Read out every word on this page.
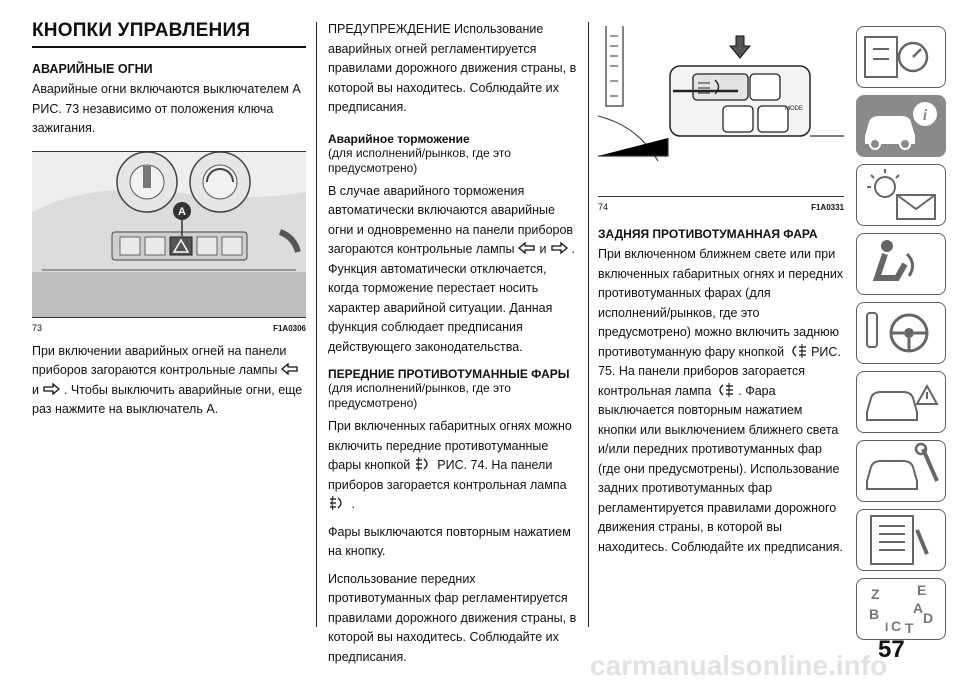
КНОПКИ УПРАВЛЕНИЯ
АВАРИЙНЫЕ ОГНИ

Аварийные огни включаются выключателем А РИС. 73 независимо от положения ключа зажигания.

A
73	F1A0306

При включении аварийных огней на панели приборов загораются контрольные лампы  и . Чтобы выключить аварийные огни, еще раз нажмите на выключатель А.

ПРЕДУПРЕЖДЕНИЕ Использование аварийных огней регламентируется правилами дорожного движения страны, в которой вы находитесь. Соблюдайте их предписания.

Аварийное торможение
(для исполнений/рынков, где это предусмотрено)

В случае аварийного торможения автоматически включаются аварийные огни и одновременно на панели приборов загораются контрольные лампы и . Функция автоматически отключается, когда торможение перестает носить характер аварийной ситуации. Данная функция соблюдает предписания действующего законодательства.

ПЕРЕДНИЕ ПРОТИВОТУМАННЫЕ ФАРЫ
(для исполнений/рынков, где это предусмотрено)

При включенных габаритных огнях можно включить передние противотуманные фары кнопкой РИС. 74. На панели приборов загорается контрольная лампа  .

Фары выключаются повторным нажатием на кнопку.

Использование передних противотуманных фар регламентируется правилами дорожного движения страны, в которой вы находитесь. Соблюдайте их предписания.

MODE
74	F1A0331
ЗАДНЯЯ ПРОТИВОТУМАННАЯ ФАРА

При включенном ближнем свете или при включенных габаритных огнях и передних противотуманных фарах (для исполнений/рынков, где это предусмотрено) можно включить заднюю противотуманную фару кнопкой РИС. 75. На панели приборов загорается контрольная лампа . Фара выключается повторным нажатием кнопки или выключением ближнего света и/или передних противотуманных фар (где они предусмотрены). Использование задних противотуманных фар регламентируется правилами дорожного движения страны, в которой вы находитесь. Соблюдайте их предписания.

i
Z	E
B	D
I C T
A
57
carmanualsonline.info
